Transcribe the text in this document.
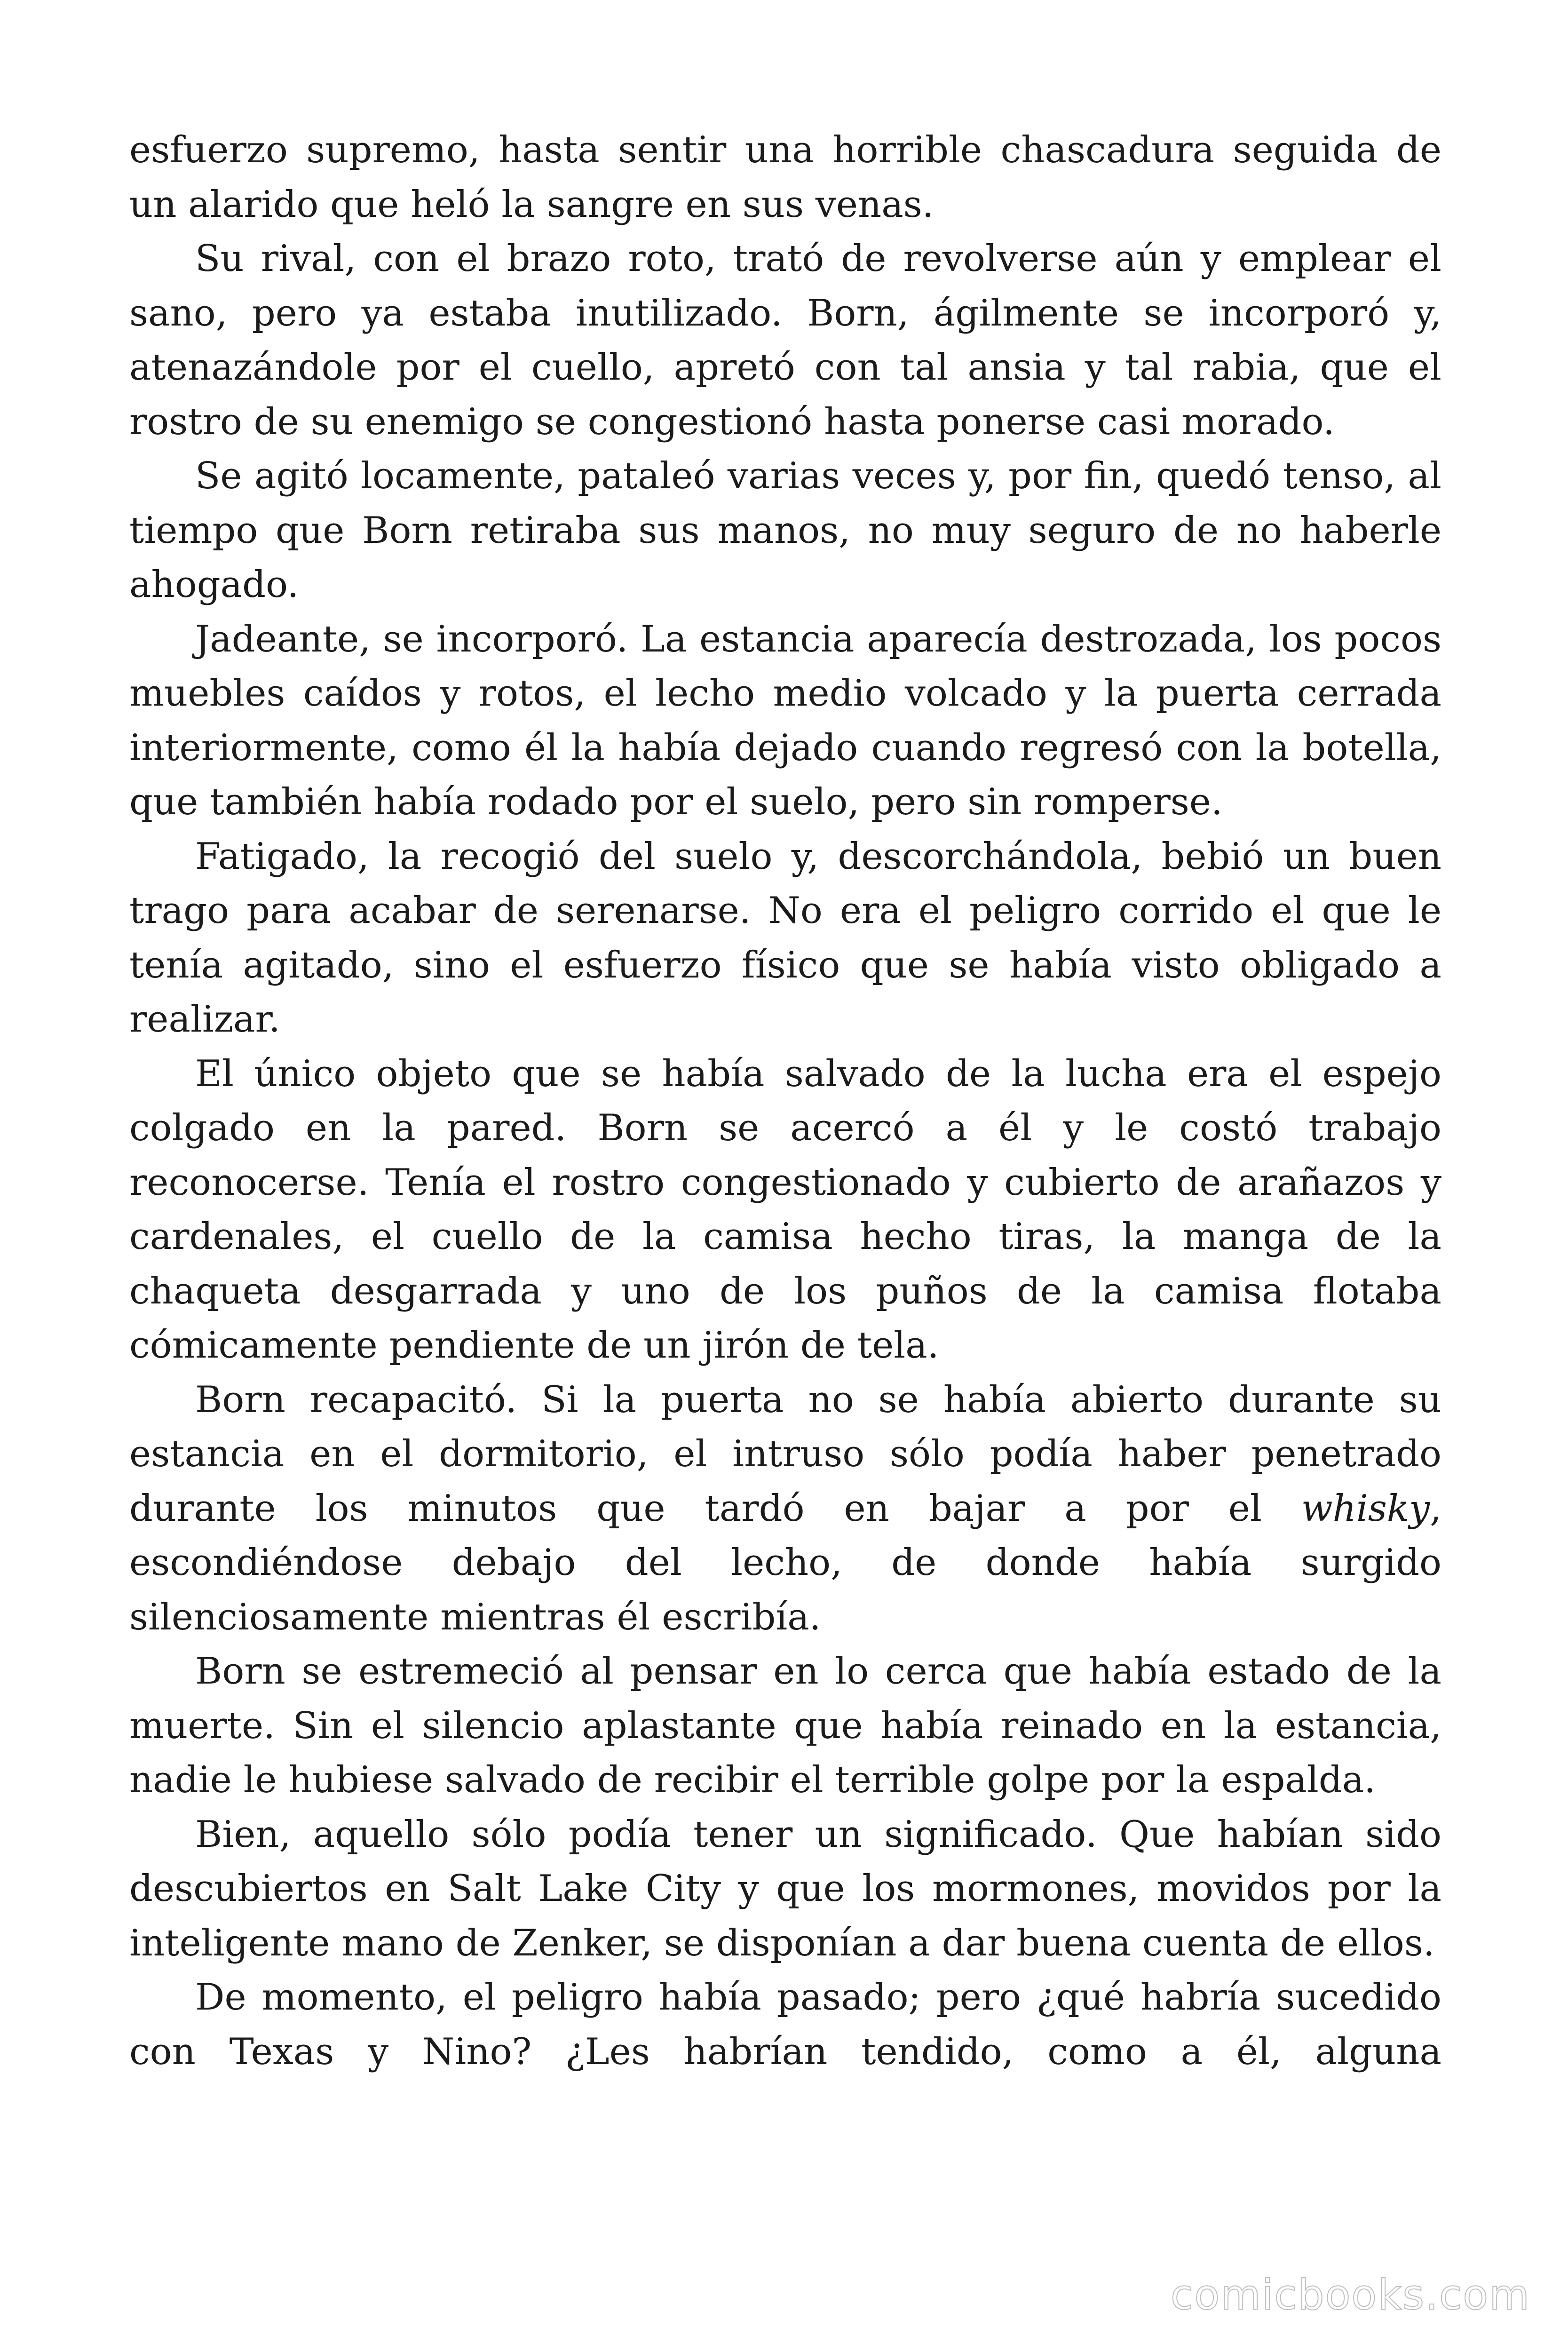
esfuerzo supremo, hasta sentir una horrible chascadura seguida de un alarido que heló la sangre en sus venas.

Su rival, con el brazo roto, trató de revolverse aún y emplear el sano, pero ya estaba inutilizado. Born, ágilmente se incorporó y, atenazándole por el cuello, apretó con tal ansia y tal rabia, que el rostro de su enemigo se congestionó hasta ponerse casi morado.

Se agitó locamente, pataleó varias veces y, por fin, quedó tenso, al tiempo que Born retiraba sus manos, no muy seguro de no haberle ahogado.

Jadeante, se incorporó. La estancia aparecía destrozada, los pocos muebles caídos y rotos, el lecho medio volcado y la puerta cerrada interiormente, como él la había dejado cuando regresó con la botella, que también había rodado por el suelo, pero sin romperse.

Fatigado, la recogió del suelo y, descorchándola, bebió un buen trago para acabar de serenarse. No era el peligro corrido el que le tenía agitado, sino el esfuerzo físico que se había visto obligado a realizar.

El único objeto que se había salvado de la lucha era el espejo colgado en la pared. Born se acercó a él y le costó trabajo reconocerse. Tenía el rostro congestionado y cubierto de arañazos y cardenales, el cuello de la camisa hecho tiras, la manga de la chaqueta desgarrada y uno de los puños de la camisa flotaba cómicamente pendiente de un jirón de tela.

Born recapacitó. Si la puerta no se había abierto durante su estancia en el dormitorio, el intruso sólo podía haber penetrado durante los minutos que tardó en bajar a por el whisky, escondiéndose debajo del lecho, de donde había surgido silenciosamente mientras él escribía.

Born se estremeció al pensar en lo cerca que había estado de la muerte. Sin el silencio aplastante que había reinado en la estancia, nadie le hubiese salvado de recibir el terrible golpe por la espalda.

Bien, aquello sólo podía tener un significado. Que habían sido descubiertos en Salt Lake City y que los mormones, movidos por la inteligente mano de Zenker, se disponían a dar buena cuenta de ellos.

De momento, el peligro había pasado; pero ¿qué habría sucedido con Texas y Nino? ¿Les habrían tendido, como a él, alguna

comicbooks.com
